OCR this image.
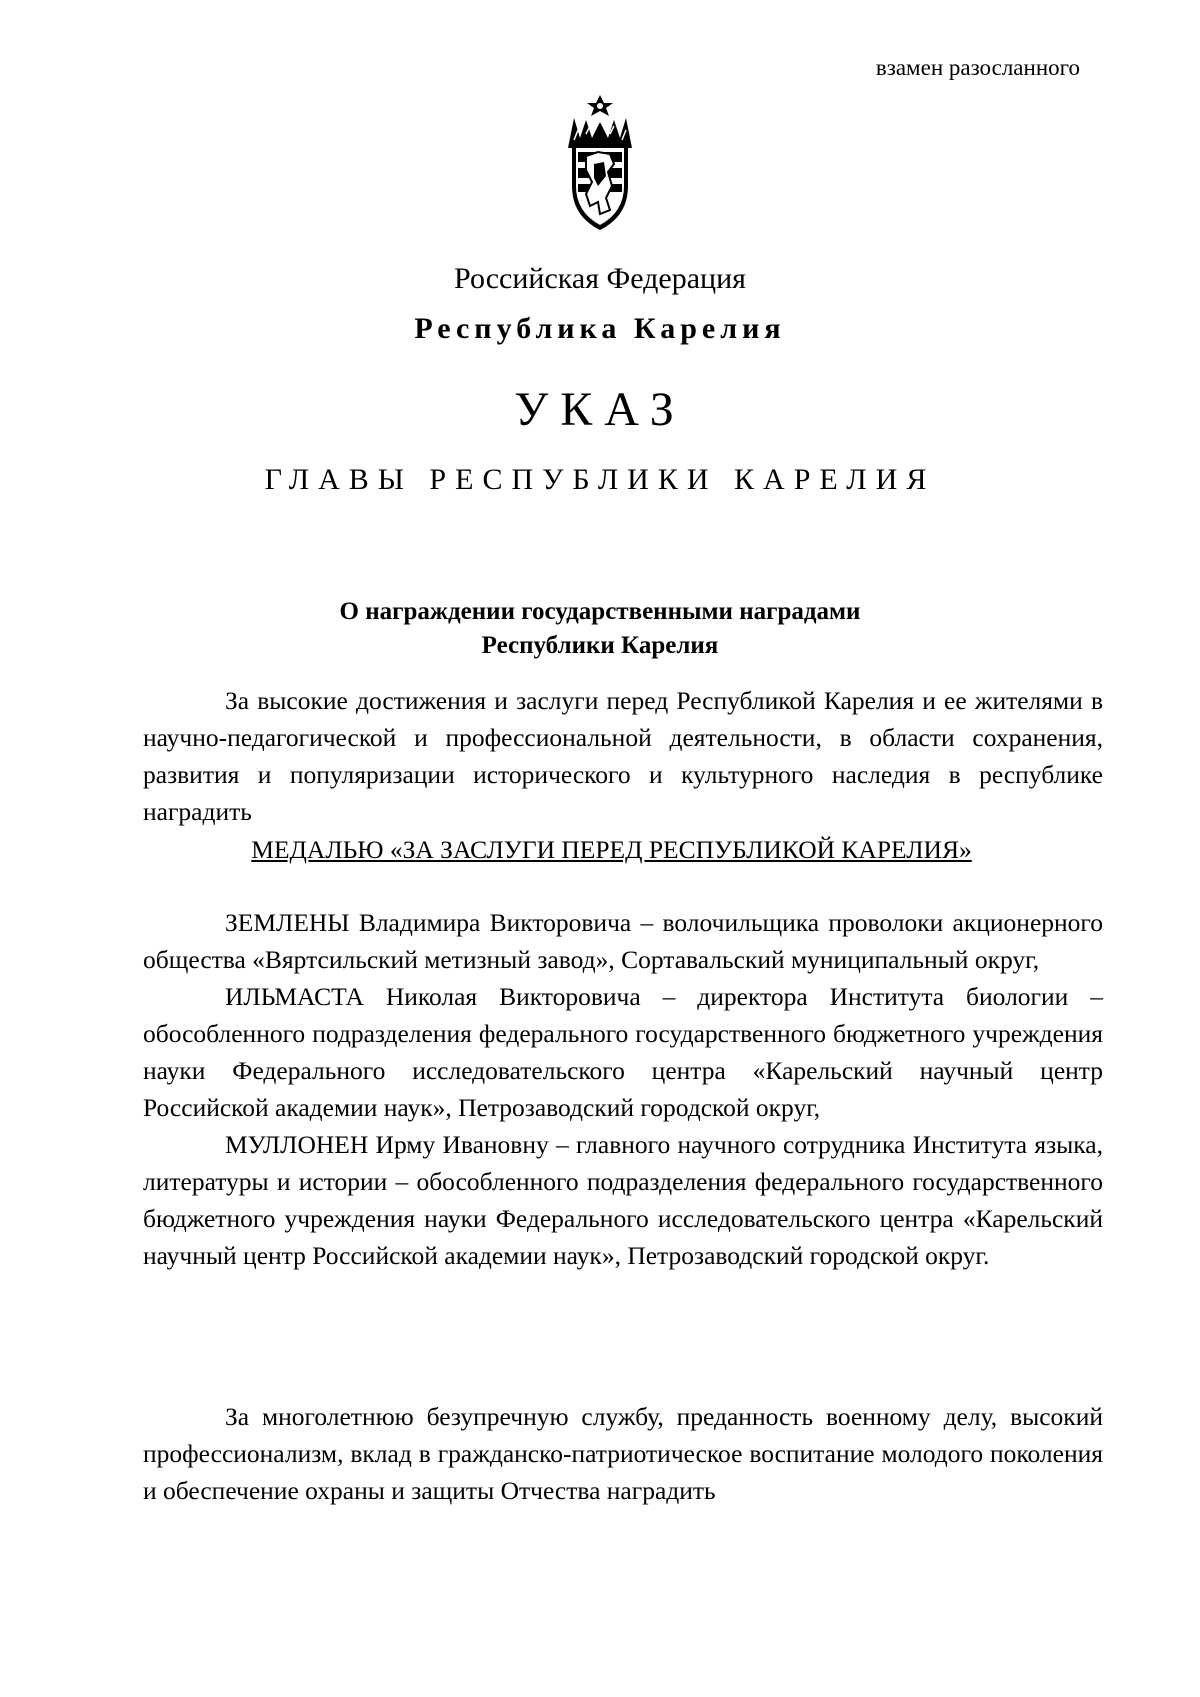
взамен разосланного
Российская Федерация
Республика Карелия
УКАЗ
ГЛАВЫ РЕСПУБЛИКИ КАРЕЛИЯ
О награждении государственными наградами
Республики Карелия

За высокие достижения и заслуги перед Республикой Карелия и ее жителями в научно-педагогической и профессиональной деятельности, в области сохранения, развития и популяризации исторического и культурного наследия в республике наградить

МЕДАЛЬЮ «ЗА ЗАСЛУГИ ПЕРЕД РЕСПУБЛИКОЙ КАРЕЛИЯ»

ЗЕМЛЕНЫ Владимира Викторовича – волочильщика проволоки акционерного общества «Вяртсильский метизный завод», Сортавальский муниципальный округ,

ИЛЬМАСТА Николая Викторовича – директора Института биологии – обособленного подразделения федерального государственного бюджетного учреждения науки Федерального исследовательского центра «Карельский научный центр Российской академии наук», Петрозаводский городской округ,

МУЛЛОНЕН Ирму Ивановну – главного научного сотрудника Института языка, литературы и истории – обособленного подразделения федерального государственного бюджетного учреждения науки Федерального исследовательского центра «Карельский научный центр Российской академии наук», Петрозаводский городской округ.

За многолетнюю безупречную службу, преданность военному делу, высокий профессионализм, вклад в гражданско-патриотическое воспитание молодого поколения и обеспечение охраны и защиты Отчества наградить
